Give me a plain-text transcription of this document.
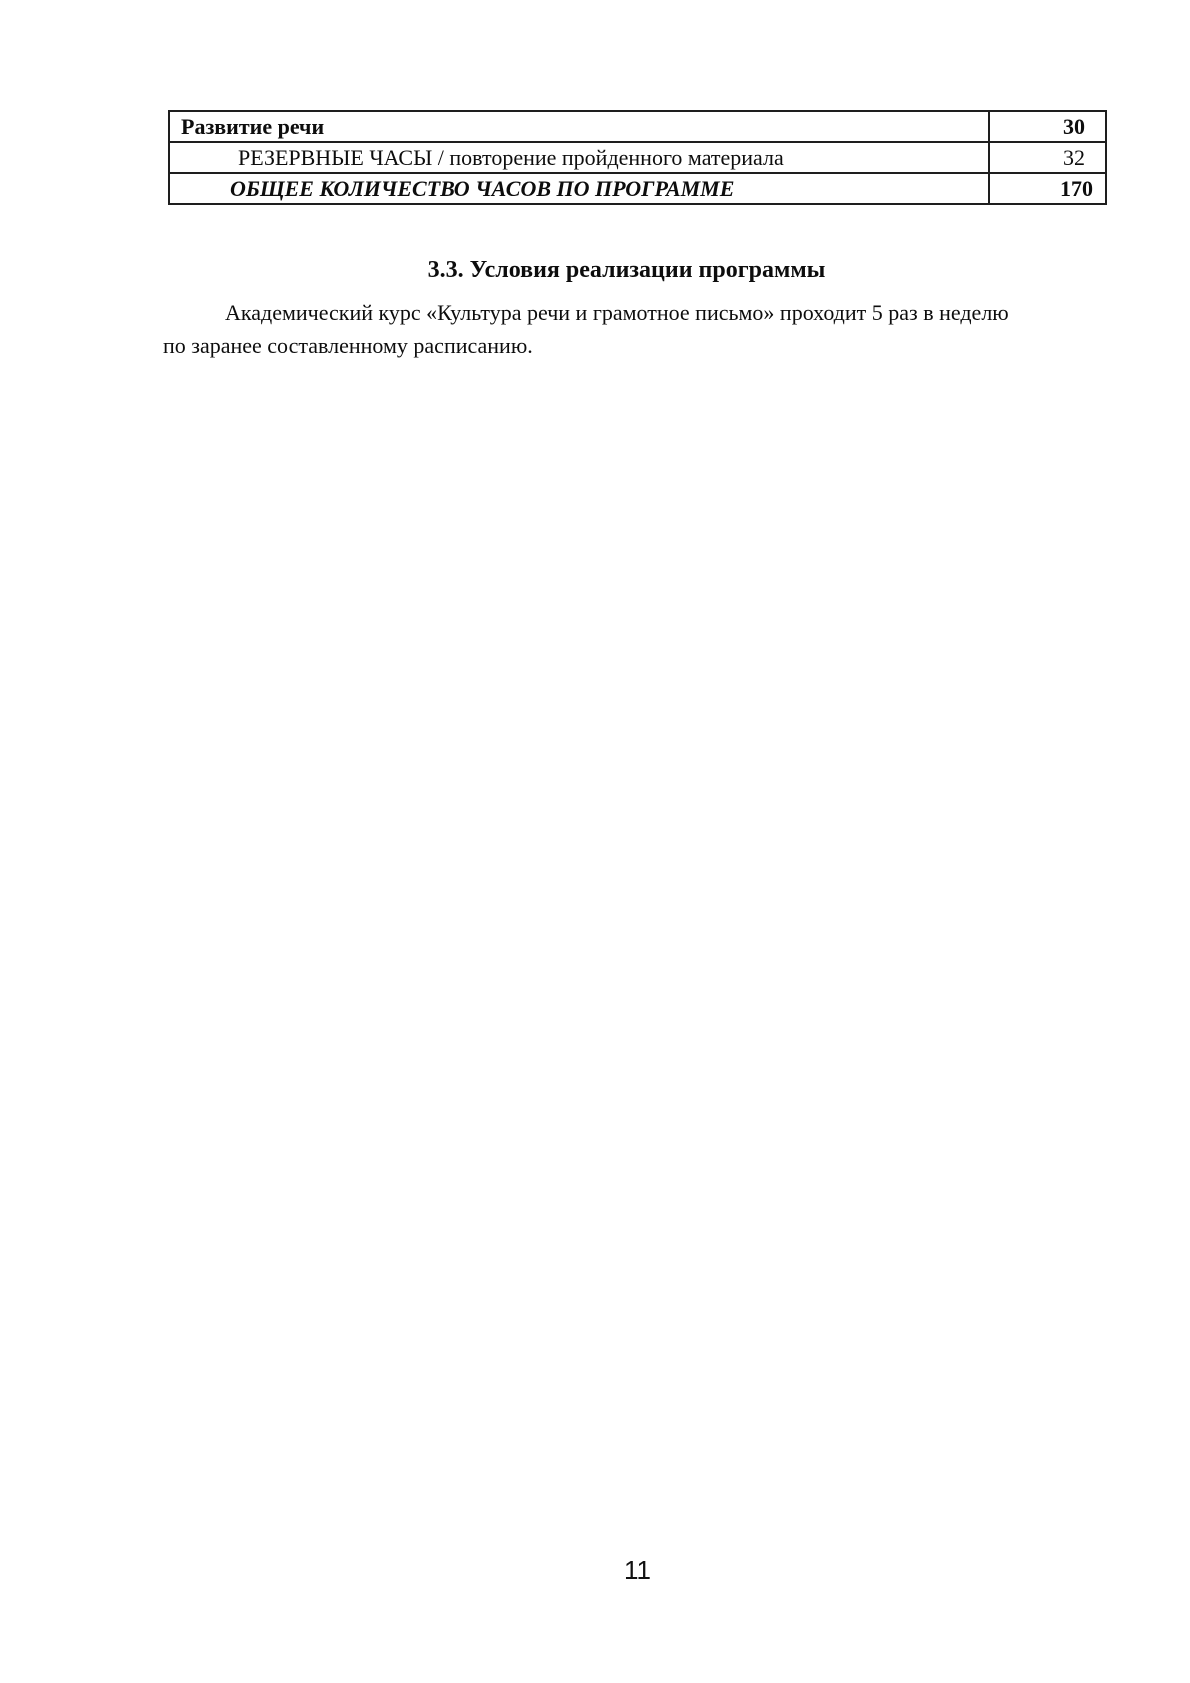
Развитие речи	30
РЕЗЕРВНЫЕ ЧАСЫ / повторение пройденного материала	32
ОБЩЕЕ КОЛИЧЕСТВО ЧАСОВ ПО ПРОГРАММЕ	170
3.3. Условия реализации программы
Академический курс «Культура речи и грамотное письмо» проходит 5 раз в неделю
по заранее составленному расписанию.
11
